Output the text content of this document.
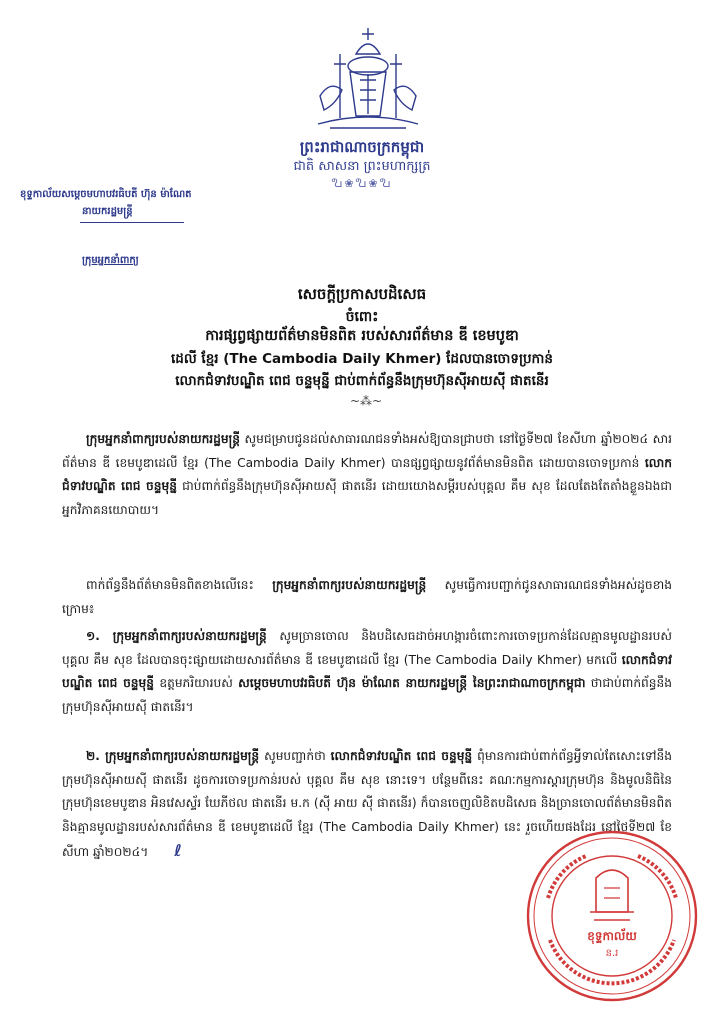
ព្រះរាជាណាចក្រកម្ពុជា
ជាតិ សាសនា ព្រះមហាក្សត្រ
𑿐❀𑿐❀𑿐
ខុទ្ទកាល័យសម្តេចមហាបវរធិបតី ហ៊ុន ម៉ាណែត
នាយករដ្ឋមន្ត្រី
ក្រុមអ្នកនាំពាក្យ
សេចក្តីប្រកាសបដិសេធ
ចំពោះ
ការផ្សព្វផ្សាយព័ត៌មានមិនពិត របស់សារព័ត៌មាន ឌី ខេមបូឌា
ដេលី ខ្មែរ (The Cambodia Daily Khmer) ដែលបានចោទប្រកាន់
លោកជំទាវបណ្ឌិត ពេជ ចន្ទមុន្នី ជាប់ពាក់ព័ន្ធនឹងក្រុមហ៊ុនស៊ីអាយស៊ី ផាតនើរ
~⁂~
ក្រុមអ្នកនាំពាក្យរបស់នាយករដ្ឋមន្ត្រី សូមជម្រាបជូនដល់សាធារណជនទាំងអស់ឱ្យបានជ្រាបថា នៅថ្ងៃទី២៧ ខែសីហា ឆ្នាំ២០២៤ សារព័ត៌មាន ឌី ខេមបូឌាដេលី ខ្មែរ (The Cambodia Daily Khmer) បានផ្សព្វផ្សាយនូវព័ត៌មានមិនពិត ដោយបានចោទប្រកាន់ លោកជំទាវបណ្ឌិត ពេជ ចន្ទមុន្នី ជាប់ពាក់ព័ន្ធនឹងក្រុមហ៊ុនស៊ីអាយស៊ី ផាតនើរ ដោយយោងសម្តីរបស់បុគ្គល គឹម សុខ ដែលតែងតែតាំងខ្លួនឯងជាអ្នកវិភាគនយោបាយ។
ពាក់ព័ន្ធនឹងព័ត៌មានមិនពិតខាងលើនេះ ក្រុមអ្នកនាំពាក្យរបស់នាយករដ្ឋមន្ត្រី សូមធ្វើការបញ្ជាក់ជូនសាធារណជនទាំងអស់ដូចខាងក្រោម៖
១. ក្រុមអ្នកនាំពាក្យរបស់នាយករដ្ឋមន្ត្រី សូមច្រានចោល និងបដិសេធដាច់អហង្ការចំពោះការចោទប្រកាន់ដែលគ្មានមូលដ្ឋានរបស់បុគ្គល គឹម សុខ ដែលបានចុះផ្សាយដោយសារព័ត៌មាន ឌី ខេមបូឌាដេលី ខ្មែរ (The Cambodia Daily Khmer) មកលើ លោកជំទាវបណ្ឌិត ពេជ ចន្ទមុន្នី ឧត្តមភរិយារបស់ សម្តេចមហាបវរធិបតី ហ៊ុន ម៉ាណែត នាយករដ្ឋមន្ត្រី នៃព្រះរាជាណាចក្រកម្ពុជា ថាជាប់ពាក់ព័ន្ធនឹងក្រុមហ៊ុនស៊ីអាយស៊ី ផាតនើរ។
២. ក្រុមអ្នកនាំពាក្យរបស់នាយករដ្ឋមន្ត្រី សូមបញ្ជាក់ថា លោកជំទាវបណ្ឌិត ពេជ ចន្ទមុន្នី ពុំមានការជាប់ពាក់ព័ន្ធអ្វីទាល់តែសោះទៅនឹងក្រុមហ៊ុនស៊ីអាយស៊ី ផាតនើរ ដូចការចោទប្រកាន់របស់ បុគ្គល គឹម សុខ នោះទេ។ បន្ថែមពីនេះ គណៈកម្មការស្តារក្រុមហ៊ុន និងមូលនិធិនៃក្រុមហ៊ុនខេមបូឌាន អិនវេសស្ទ័រ ឃែភីថល ផាតនើរ ម.ក (ស៊ី អាយ ស៊ី ផាតនើរ) ក៏បានចេញលិខិតបដិសេធ និងច្រានចោលព័ត៌មានមិនពិត និងគ្មានមូលដ្ឋានរបស់សារព័ត៌មាន ឌី ខេមបូឌាដេលី ខ្មែរ (The Cambodia Daily Khmer) នេះ រួចហើយផងដែរ នៅថ្ងៃទី២៧ ខែសីហា ឆ្នាំ២០២៤។ ℓ
ខុទ្ទកាល័យ
ន.រ
